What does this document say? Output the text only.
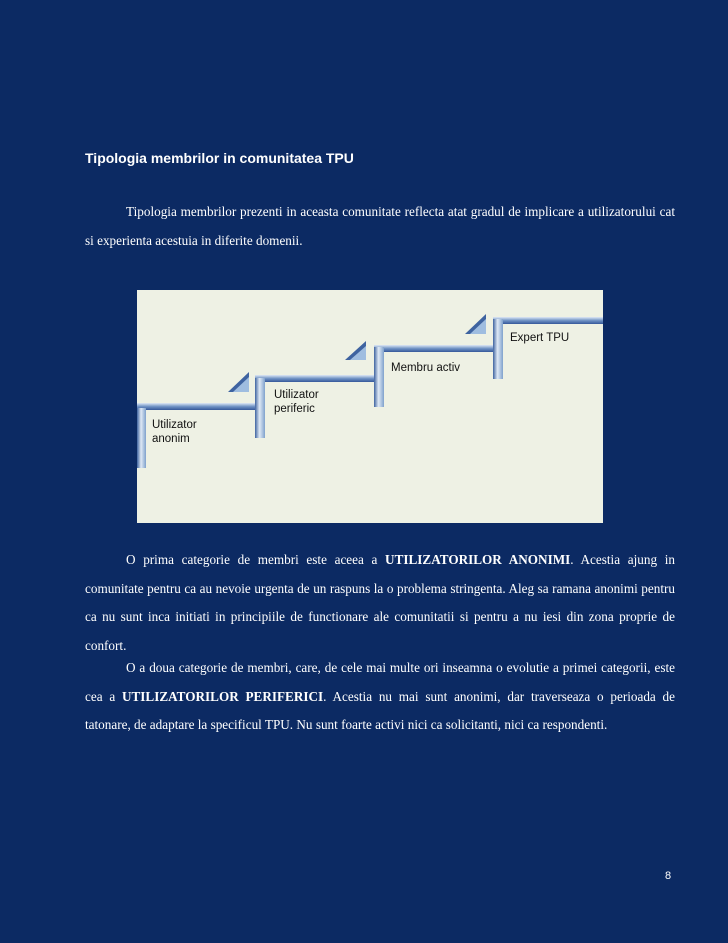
Tipologia membrilor in comunitatea TPU

Tipologia membrilor prezenti in aceasta comunitate reflecta atat gradul de implicare a utilizatorului cat si experienta acestuia in diferite domenii.

Utilizator
anonim
Utilizator
periferic
Membru activ
Expert TPU

O prima categorie de membri este aceea a UTILIZATORILOR ANONIMI. Acestia ajung in comunitate pentru ca au nevoie urgenta de un raspuns la o problema stringenta. Aleg sa ramana anonimi pentru ca nu sunt inca initiati in principiile de functionare ale comunitatii si pentru a nu iesi din zona proprie de confort.

O a doua categorie de membri, care, de cele mai multe ori inseamna o evolutie a primei categorii, este cea a UTILIZATORILOR PERIFERICI. Acestia nu mai sunt anonimi, dar traverseaza o perioada de tatonare, de adaptare la specificul TPU. Nu sunt foarte activi nici ca solicitanti, nici ca respondenti.

8
